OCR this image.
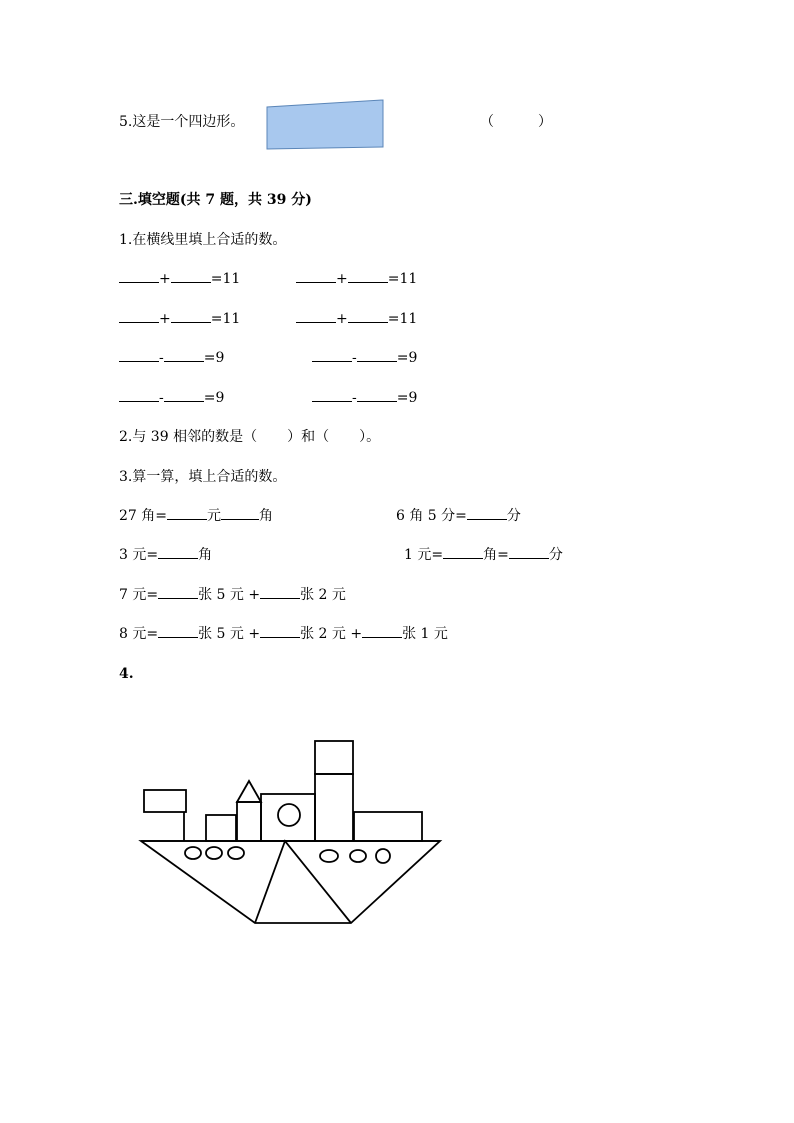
5.这是一个四边形。	（	）
三.填空题(共 7 题，共 39 分)
1.在横线里填上合适的数。
+	=11	+	=11
+	=11	+	=11
-	=9	-	=9
-	=9	-	=9
2.与 39 相邻的数是（ ）和（ ）。
3.算一算，填上合适的数。
27 角=	元	角	6 角 5 分=	分
3 元=	角	1 元=	角=	分
7 元=	张 5 元 +	张 2 元
8 元=	张 5 元 +	张 2 元 +	张 1 元
4.
